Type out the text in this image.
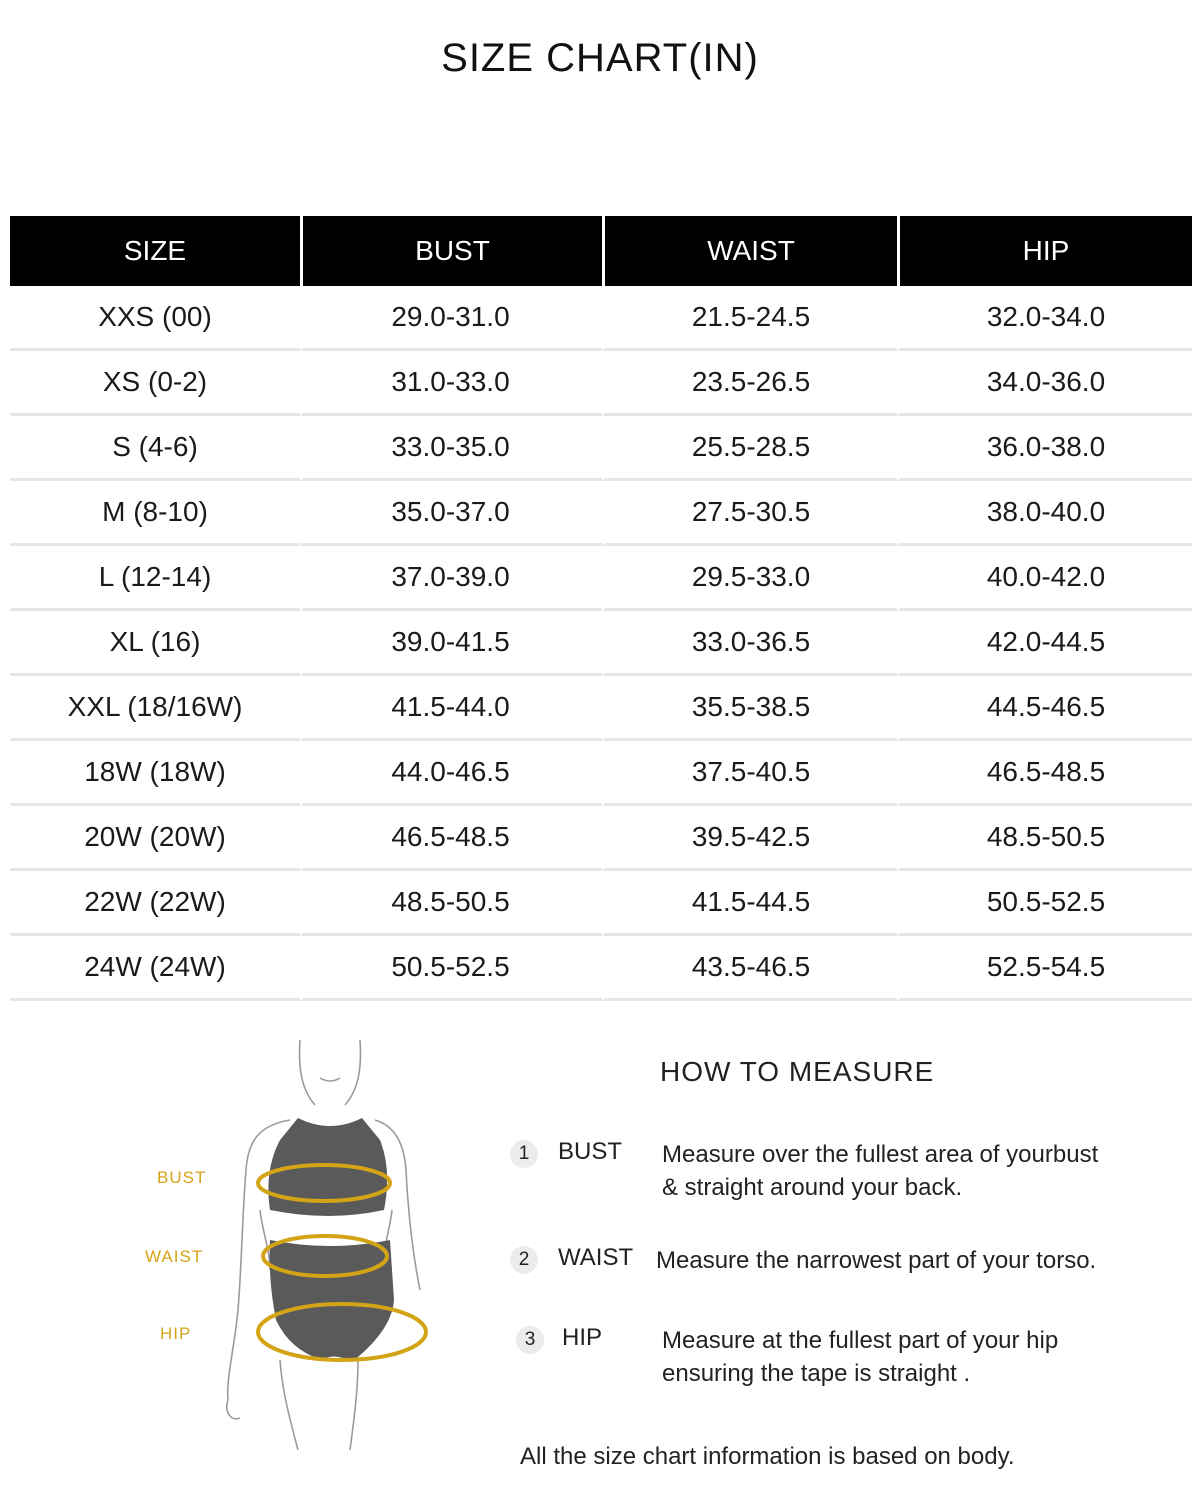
SIZE CHART(IN)
SIZE	BUST	WAIST	HIP
XXS (00)	29.0-31.0	21.5-24.5	32.0-34.0
XS (0-2)	31.0-33.0	23.5-26.5	34.0-36.0
S (4-6)	33.0-35.0	25.5-28.5	36.0-38.0
M (8-10)	35.0-37.0	27.5-30.5	38.0-40.0
L (12-14)	37.0-39.0	29.5-33.0	40.0-42.0
XL (16)	39.0-41.5	33.0-36.5	42.0-44.5
XXL (18/16W)	41.5-44.0	35.5-38.5	44.5-46.5
18W (18W)	44.0-46.5	37.5-40.5	46.5-48.5
20W (20W)	46.5-48.5	39.5-42.5	48.5-50.5
22W (22W)	48.5-50.5	41.5-44.5	50.5-52.5
24W (24W)	50.5-52.5	43.5-46.5	52.5-54.5
BUST
WAIST
HIP
HOW TO MEASURE
1	BUST Measure over the fullest area of yourbust
& straight around your back.
2	WAIST Measure the narrowest part of your torso.
3	HIP Measure at the fullest part of your hip
ensuring the tape is straight .
All the size chart information is based on body.
